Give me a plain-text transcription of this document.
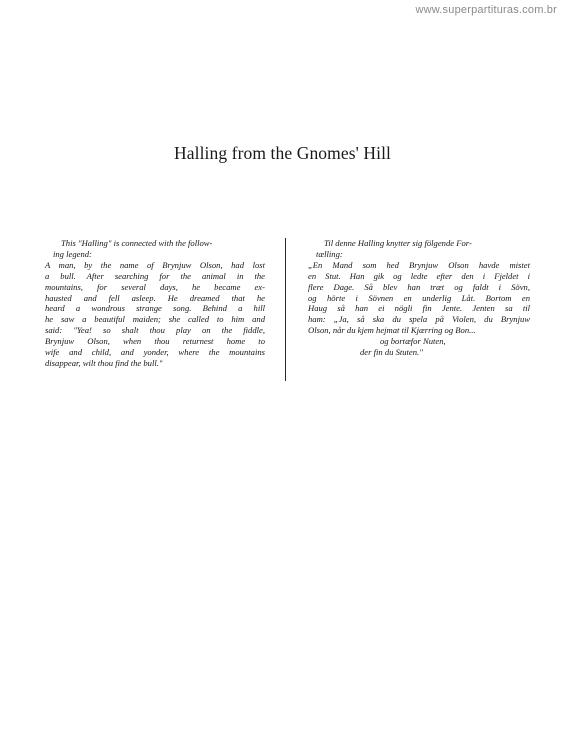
www.superpartituras.com.br
Halling from the Gnomes' Hill
This "Halling" is connected with the follow-
ing legend:
A man, by the name of Brynjuw Olson, had lost
a bull. After searching for the animal in the
mountains, for several days, he became ex-
hausted and fell asleep. He dreamed that he
heard a wondrous strange song. Behind a hill
he saw a beautiful maiden; she called to him and
said: "Yea! so shalt thou play on the fiddle,
Brynjuw Olson, when thou returnest home to
wife and child, and yonder, where the mountains
disappear, wilt thou find the bull."
Til denne Halling knytter sig fölgende For-
tælling:
„En Mand som hed Brynjuw Olson havde mistet
en Stut. Han gik og ledte efter den i Fjeldet i
flere Dage. Så blev han træt og faldt i Sövn,
og hörte i Sövnen en underlig Låt. Bortom en
Haug så han ei nögli fin Jente. Jenten sa til
ham: „Ja, så ska du spela på Violen, du Brynjuw
Olson, når du kjem hejmat til Kjærring og Bon...
og bortæfor Nuten,
der fin du Stuten."
